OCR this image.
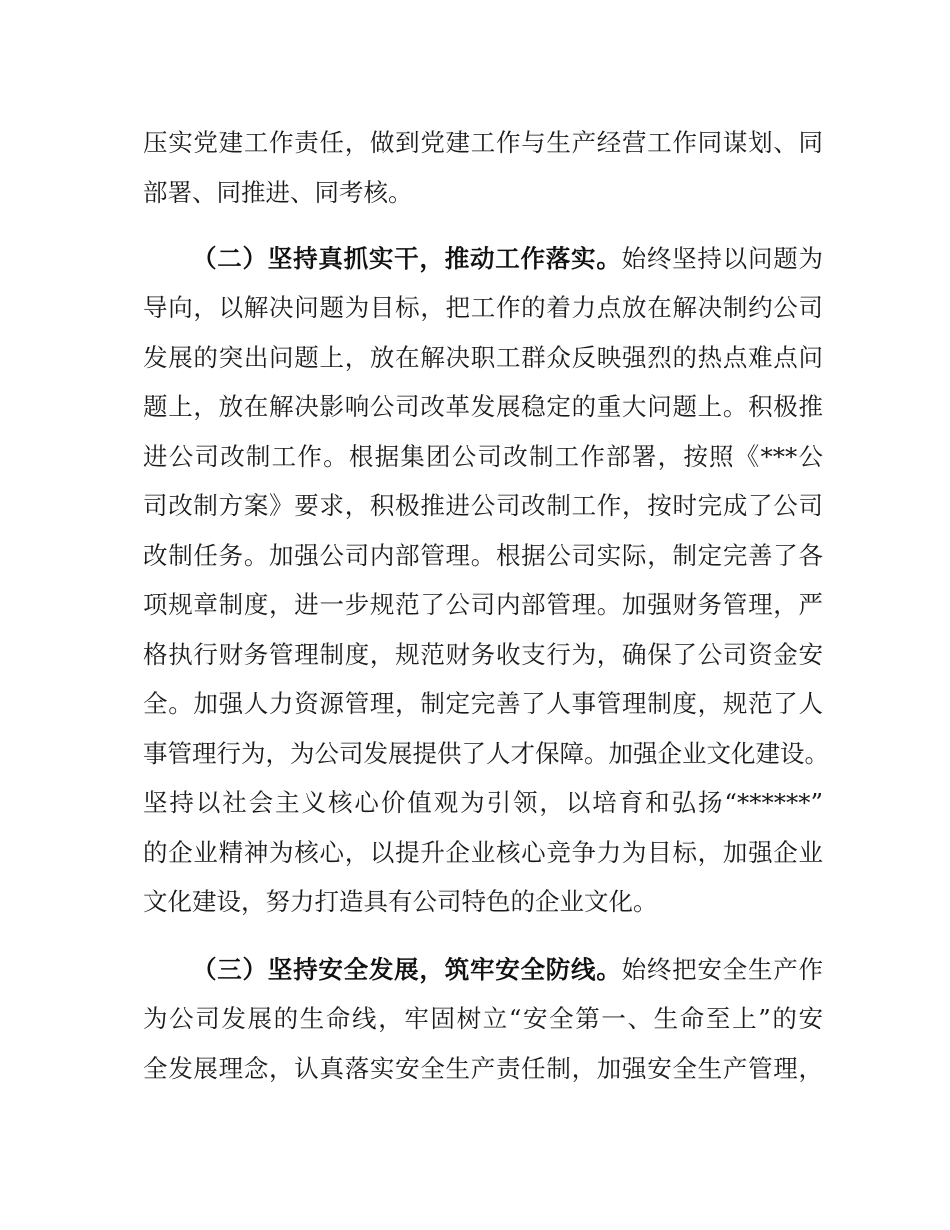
压实党建工作责任，做到党建工作与生产经营工作同谋划、同
部署、同推进、同考核。
（二）坚持真抓实干，推动工作落实。始终坚持以问题为
导向，以解决问题为目标，把工作的着力点放在解决制约公司
发展的突出问题上，放在解决职工群众反映强烈的热点难点问
题上，放在解决影响公司改革发展稳定的重大问题上。积极推
进公司改制工作。根据集团公司改制工作部署，按照《***公
司改制方案》要求，积极推进公司改制工作，按时完成了公司
改制任务。加强公司内部管理。根据公司实际，制定完善了各
项规章制度，进一步规范了公司内部管理。加强财务管理，严
格执行财务管理制度，规范财务收支行为，确保了公司资金安
全。加强人力资源管理，制定完善了人事管理制度，规范了人
事管理行为，为公司发展提供了人才保障。加强企业文化建设。
坚持以社会主义核心价值观为引领，以培育和弘扬“******”
的企业精神为核心，以提升企业核心竞争力为目标，加强企业
文化建设，努力打造具有公司特色的企业文化。
（三）坚持安全发展，筑牢安全防线。始终把安全生产作
为公司发展的生命线，牢固树立“安全第一、生命至上”的安
全发展理念，认真落实安全生产责任制，加强安全生产管理，
